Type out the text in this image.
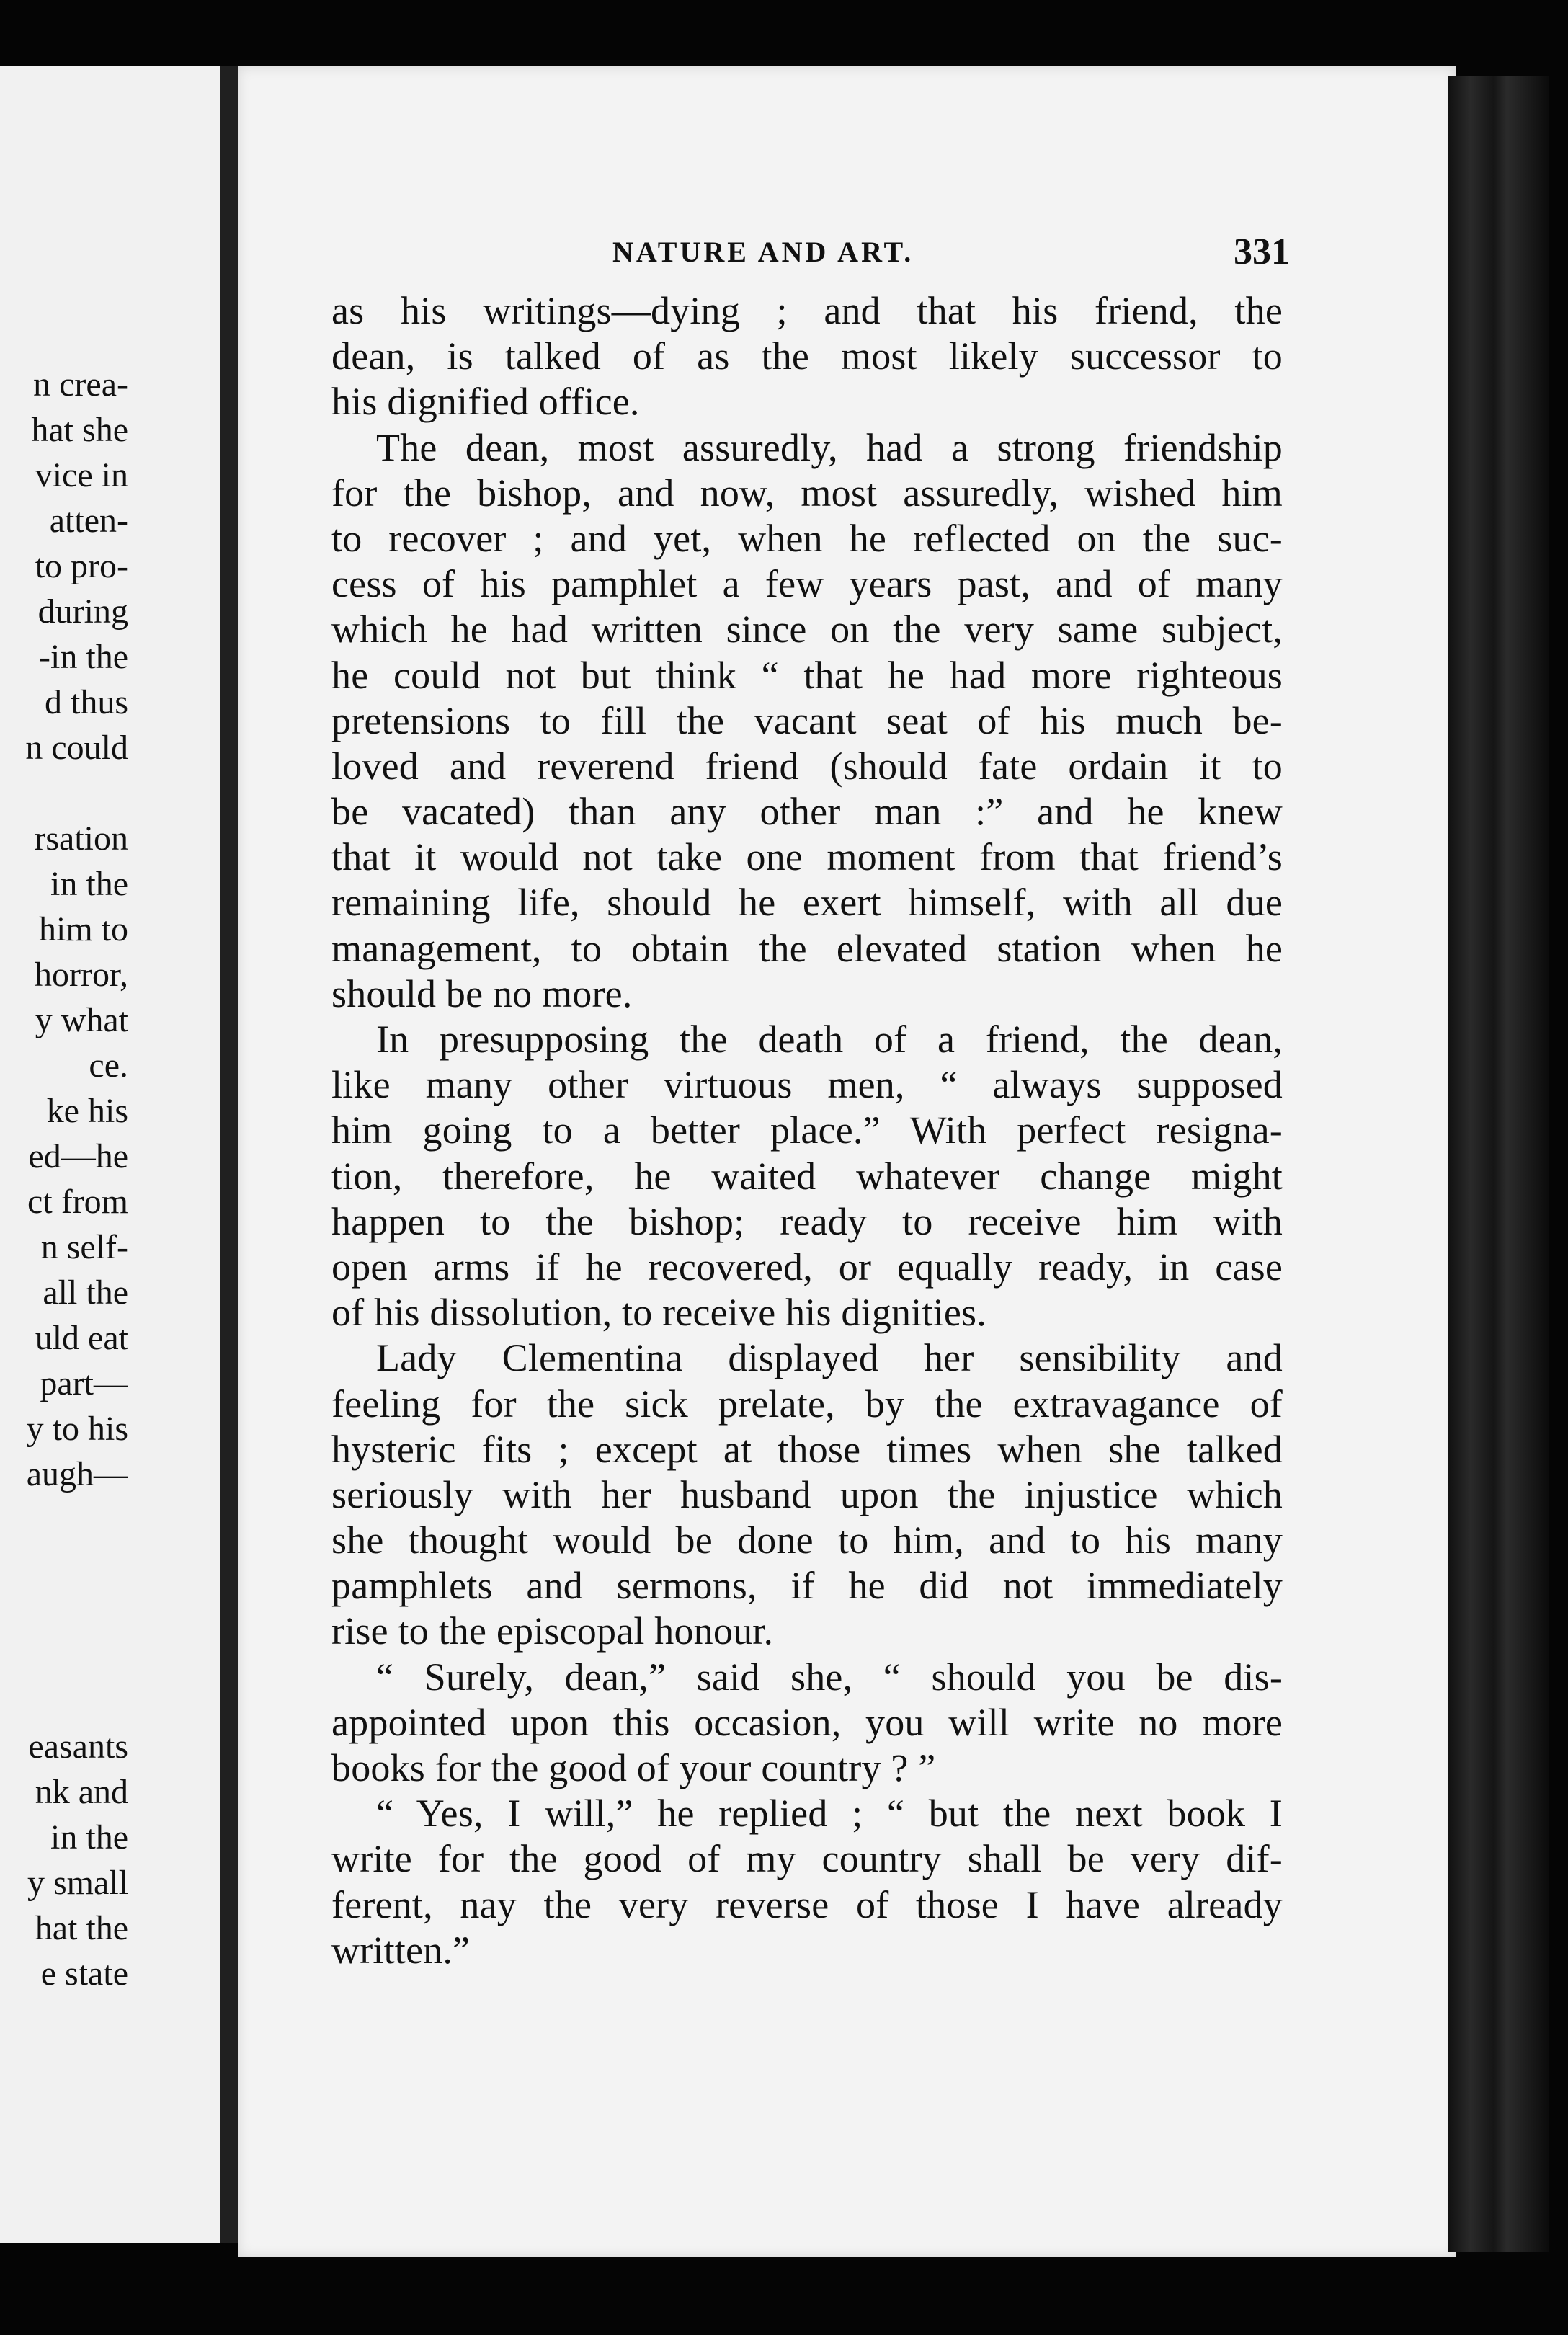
n crea-
hat she
vice in
atten-
to pro-
during
-in the
d thus
n could
rsation
in the
him to
horror,
y what
ce.
ke his
ed—he
ct from
n self-
all the
uld eat
part—
y to his
augh—
easants
nk and
in the
y small
hat the
e state
NATURE AND ART.	331
as his writings—dying ; and that his friend, the
dean, is talked of as the most likely successor to
his dignified office.
The dean, most assuredly, had a strong friendship
for the bishop, and now, most assuredly, wished him
to recover ; and yet, when he reflected on the suc-
cess of his pamphlet a few years past, and of many
which he had written since on the very same subject,
he could not but think “ that he had more righteous
pretensions to fill the vacant seat of his much be-
loved and reverend friend (should fate ordain it to
be vacated) than any other man :” and he knew
that it would not take one moment from that friend’s
remaining life, should he exert himself, with all due
management, to obtain the elevated station when he
should be no more.
In presupposing the death of a friend, the dean,
like many other virtuous men, “ always supposed
him going to a better place.” With perfect resigna-
tion, therefore, he waited whatever change might
happen to the bishop; ready to receive him with
open arms if he recovered, or equally ready, in case
of his dissolution, to receive his dignities.
Lady Clementina displayed her sensibility and
feeling for the sick prelate, by the extravagance of
hysteric fits ; except at those times when she talked
seriously with her husband upon the injustice which
she thought would be done to him, and to his many
pamphlets and sermons, if he did not immediately
rise to the episcopal honour.
“ Surely, dean,” said she, “ should you be dis-
appointed upon this occasion, you will write no more
books for the good of your country ? ”
“ Yes, I will,” he replied ; “ but the next book I
write for the good of my country shall be very dif-
ferent, nay the very reverse of those I have already
written.”
